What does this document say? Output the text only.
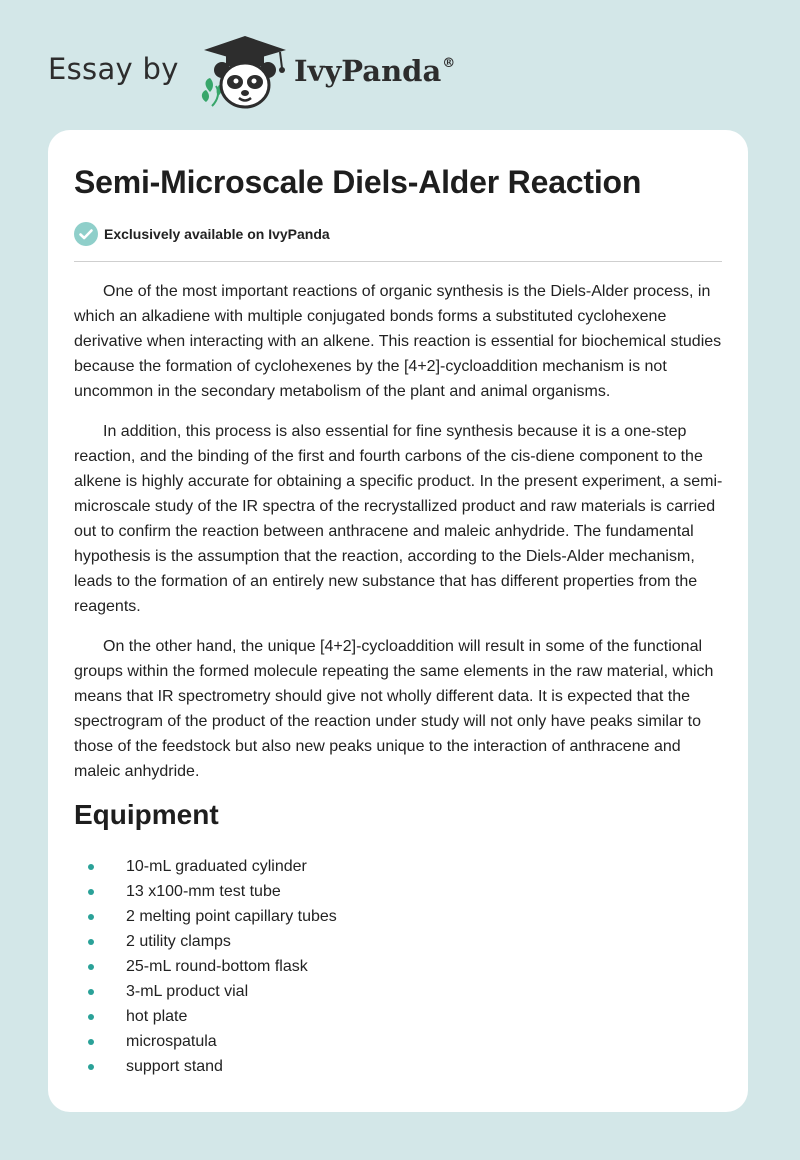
Essay by	IvyPanda®
Semi-Microscale Diels-Alder Reaction
Exclusively available on IvyPanda

One of the most important reactions of organic synthesis is the Diels-Alder process, in which an alkadiene with multiple conjugated bonds forms a substituted cyclohexene derivative when interacting with an alkene. This reaction is essential for biochemical studies because the formation of cyclohexenes by the [4+2]-cycloaddition mechanism is not uncommon in the secondary metabolism of the plant and animal organisms.

In addition, this process is also essential for fine synthesis because it is a one-step reaction, and the binding of the first and fourth carbons of the cis-diene component to the alkene is highly accurate for obtaining a specific product. In the present experiment, a semi-microscale study of the IR spectra of the recrystallized product and raw materials is carried out to confirm the reaction between anthracene and maleic anhydride. The fundamental hypothesis is the assumption that the reaction, according to the Diels-Alder mechanism, leads to the formation of an entirely new substance that has different properties from the reagents.

On the other hand, the unique [4+2]-cycloaddition will result in some of the functional groups within the formed molecule repeating the same elements in the raw material, which means that IR spectrometry should give not wholly different data. It is expected that the spectrogram of the product of the reaction under study will not only have peaks similar to those of the feedstock but also new peaks unique to the interaction of anthracene and maleic anhydride.

Equipment
10-mL graduated cylinder
13 x100-mm test tube
2 melting point capillary tubes
2 utility clamps
25-mL round-bottom flask
3-mL product vial
hot plate
microspatula
support stand
